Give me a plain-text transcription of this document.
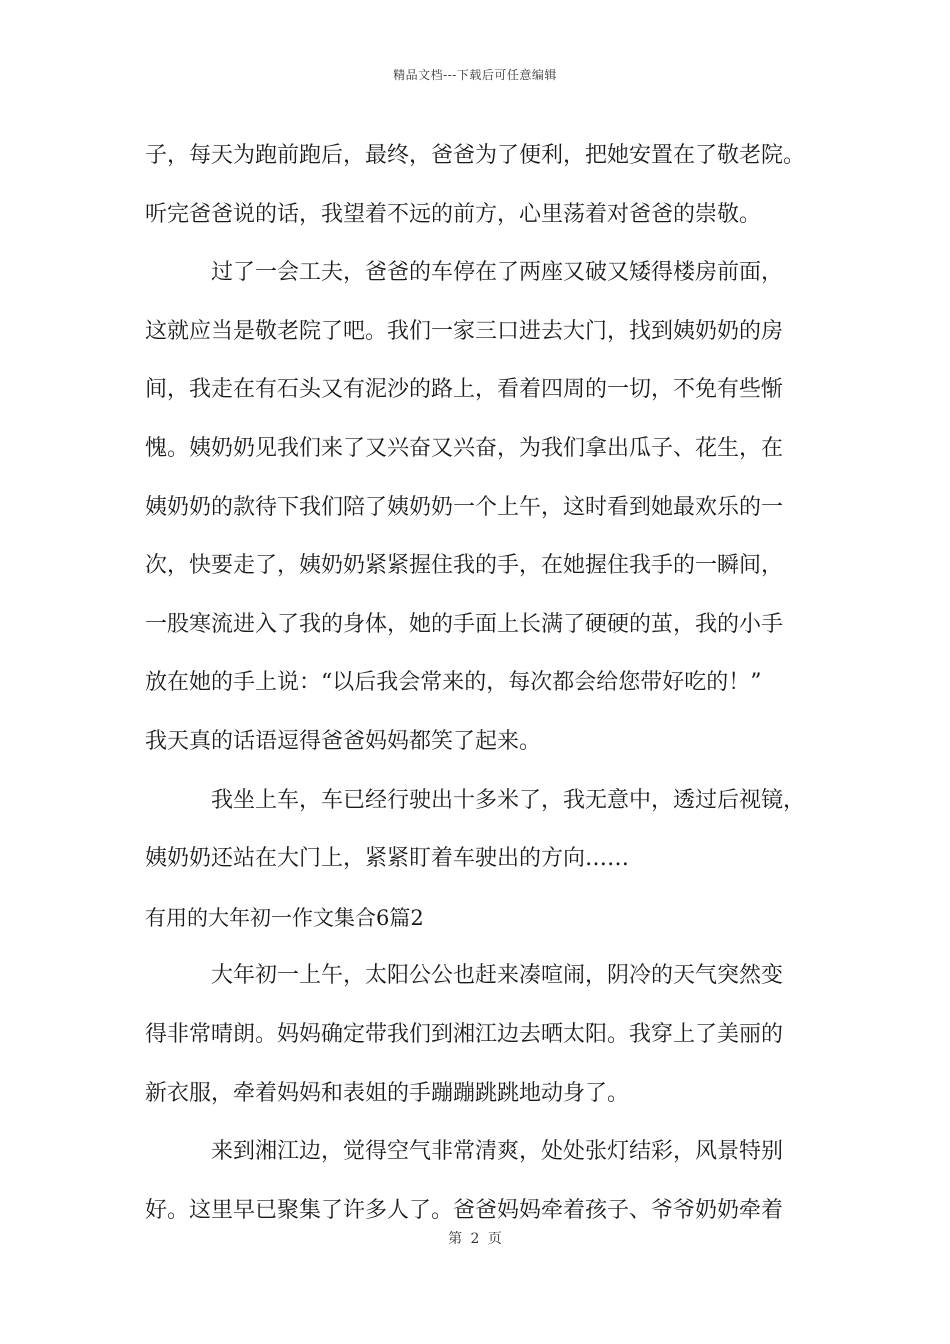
精品文档---下载后可任意编辑
子，每天为跑前跑后，最终，爸爸为了便利，把她安置在了敬老院。
听完爸爸说的话，我望着不远的前方，心里荡着对爸爸的崇敬。
过了一会工夫，爸爸的车停在了两座又破又矮得楼房前面，
这就应当是敬老院了吧。我们一家三口进去大门，找到姨奶奶的房
间，我走在有石头又有泥沙的路上，看着四周的一切，不免有些惭
愧。姨奶奶见我们来了又兴奋又兴奋，为我们拿出瓜子、花生，在
姨奶奶的款待下我们陪了姨奶奶一个上午，这时看到她最欢乐的一
次，快要走了，姨奶奶紧紧握住我的手，在她握住我手的一瞬间，
一股寒流进入了我的身体，她的手面上长满了硬硬的茧，我的小手
放在她的手上说：“以后我会常来的，每次都会给您带好吃的！”
我天真的话语逗得爸爸妈妈都笑了起来。
我坐上车，车已经行驶出十多米了，我无意中，透过后视镜，
姨奶奶还站在大门上，紧紧盯着车驶出的方向……
有用的大年初一作文集合6篇2
大年初一上午，太阳公公也赶来凑喧闹，阴冷的天气突然变
得非常晴朗。妈妈确定带我们到湘江边去晒太阳。我穿上了美丽的
新衣服，牵着妈妈和表姐的手蹦蹦跳跳地动身了。
来到湘江边，觉得空气非常清爽，处处张灯结彩，风景特别
好。这里早已聚集了许多人了。爸爸妈妈牵着孩子、爷爷奶奶牵着
第 2 页
